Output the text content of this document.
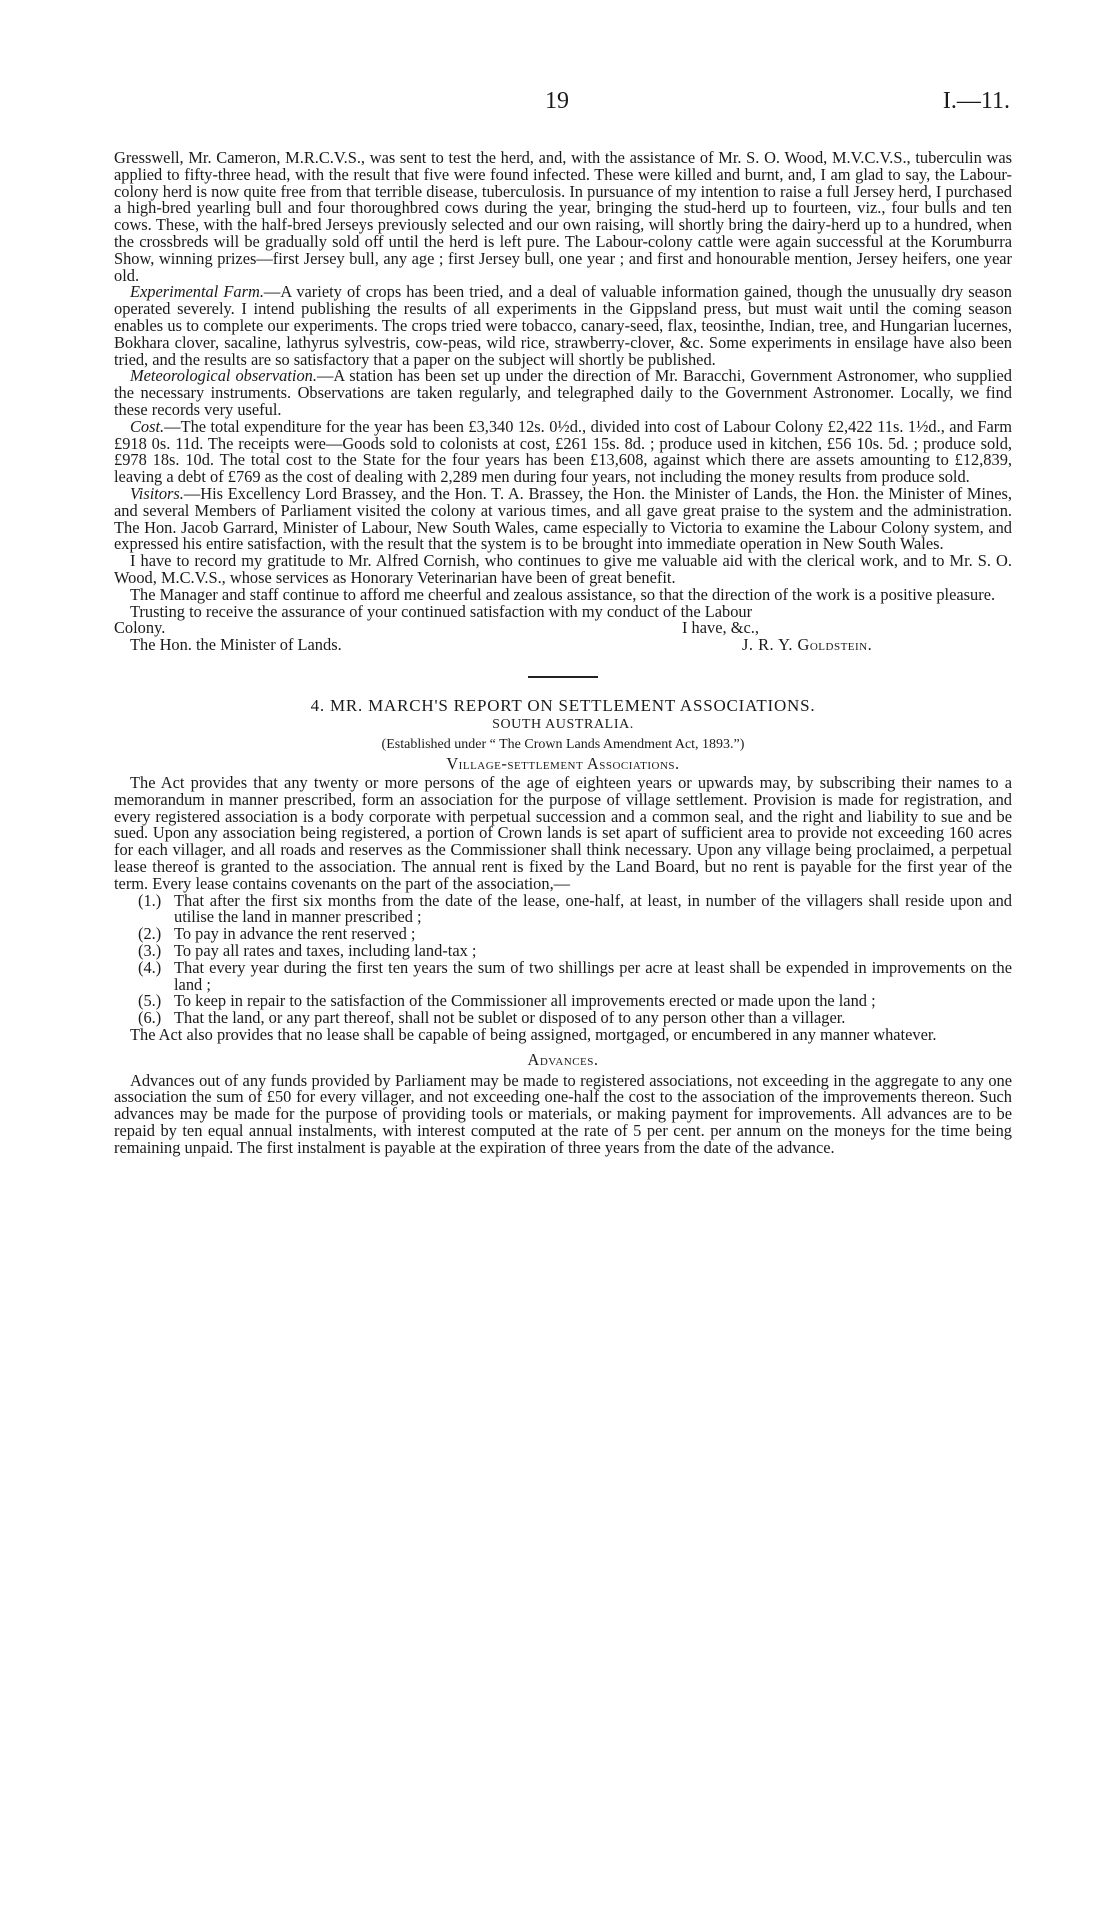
19	I.—11.

Gresswell, Mr. Cameron, M.R.C.V.S., was sent to test the herd, and, with the assistance of Mr. S. O. Wood, M.V.C.V.S., tuberculin was applied to fifty-three head, with the result that five were found infected. These were killed and burnt, and, I am glad to say, the Labour-colony herd is now quite free from that terrible disease, tuberculosis. In pursuance of my intention to raise a full Jersey herd, I purchased a high-bred yearling bull and four thoroughbred cows during the year, bringing the stud-herd up to fourteen, viz., four bulls and ten cows. These, with the half-bred Jerseys previously selected and our own raising, will shortly bring the dairy-herd up to a hundred, when the crossbreds will be gradually sold off until the herd is left pure. The Labour-colony cattle were again successful at the Korumburra Show, winning prizes—first Jersey bull, any age ; first Jersey bull, one year ; and first and honourable mention, Jersey heifers, one year old.

Experimental Farm.—A variety of crops has been tried, and a deal of valuable information gained, though the unusually dry season operated severely. I intend publishing the results of all experiments in the Gippsland press, but must wait until the coming season enables us to complete our experiments. The crops tried were tobacco, canary-seed, flax, teosinthe, Indian, tree, and Hungarian lucernes, Bokhara clover, sacaline, lathyrus sylvestris, cow-peas, wild rice, strawberry-clover, &c. Some experiments in ensilage have also been tried, and the results are so satisfactory that a paper on the subject will shortly be published.

Meteorological observation.—A station has been set up under the direction of Mr. Baracchi, Government Astronomer, who supplied the necessary instruments. Observations are taken regularly, and telegraphed daily to the Government Astronomer. Locally, we find these records very useful.

Cost.—The total expenditure for the year has been £3,340 12s. 0½d., divided into cost of Labour Colony £2,422 11s. 1½d., and Farm £918 0s. 11d. The receipts were—Goods sold to colonists at cost, £261 15s. 8d. ; produce used in kitchen, £56 10s. 5d. ; produce sold, £978 18s. 10d. The total cost to the State for the four years has been £13,608, against which there are assets amounting to £12,839, leaving a debt of £769 as the cost of dealing with 2,289 men during four years, not including the money results from produce sold.

Visitors.—His Excellency Lord Brassey, and the Hon. T. A. Brassey, the Hon. the Minister of Lands, the Hon. the Minister of Mines, and several Members of Parliament visited the colony at various times, and all gave great praise to the system and the administration. The Hon. Jacob Garrard, Minister of Labour, New South Wales, came especially to Victoria to examine the Labour Colony system, and expressed his entire satisfaction, with the result that the system is to be brought into immediate operation in New South Wales.

I have to record my gratitude to Mr. Alfred Cornish, who continues to give me valuable aid with the clerical work, and to Mr. S. O. Wood, M.C.V.S., whose services as Honorary Veterinarian have been of great benefit.

The Manager and staff continue to afford me cheerful and zealous assistance, so that the direction of the work is a positive pleasure.

Trusting to receive the assurance of your continued satisfaction with my conduct of the Labour

Colony.	I have, &c.,
The Hon. the Minister of Lands.	J. R. Y. Goldstein.
4. MR. MARCH'S REPORT ON SETTLEMENT ASSOCIATIONS.
SOUTH AUSTRALIA.
(Established under “ The Crown Lands Amendment Act, 1893.”)
Village-settlement Associations.

The Act provides that any twenty or more persons of the age of eighteen years or upwards may, by subscribing their names to a memorandum in manner prescribed, form an association for the purpose of village settlement. Provision is made for registration, and every registered association is a body corporate with perpetual succession and a common seal, and the right and liability to sue and be sued. Upon any association being registered, a portion of Crown lands is set apart of sufficient area to provide not exceeding 160 acres for each villager, and all roads and reserves as the Commissioner shall think necessary. Upon any village being proclaimed, a perpetual lease thereof is granted to the association. The annual rent is fixed by the Land Board, but no rent is payable for the first year of the term. Every lease contains covenants on the part of the association,—

(1.) That after the first six months from the date of the lease, one-half, at least, in number of the villagers shall reside upon and utilise the land in manner prescribed ;
(2.) To pay in advance the rent reserved ;
(3.) To pay all rates and taxes, including land-tax ;
(4.) That every year during the first ten years the sum of two shillings per acre at least shall be expended in improvements on the land ;
(5.) To keep in repair to the satisfaction of the Commissioner all improvements erected or made upon the land ;
(6.) That the land, or any part thereof, shall not be sublet or disposed of to any person other than a villager.

The Act also provides that no lease shall be capable of being assigned, mortgaged, or encumbered in any manner whatever.

Advances.

Advances out of any funds provided by Parliament may be made to registered associations, not exceeding in the aggregate to any one association the sum of £50 for every villager, and not exceeding one-half the cost to the association of the improvements thereon. Such advances may be made for the purpose of providing tools or materials, or making payment for improvements. All advances are to be repaid by ten equal annual instalments, with interest computed at the rate of 5 per cent. per annum on the moneys for the time being remaining unpaid. The first instalment is payable at the expiration of three years from the date of the advance.
